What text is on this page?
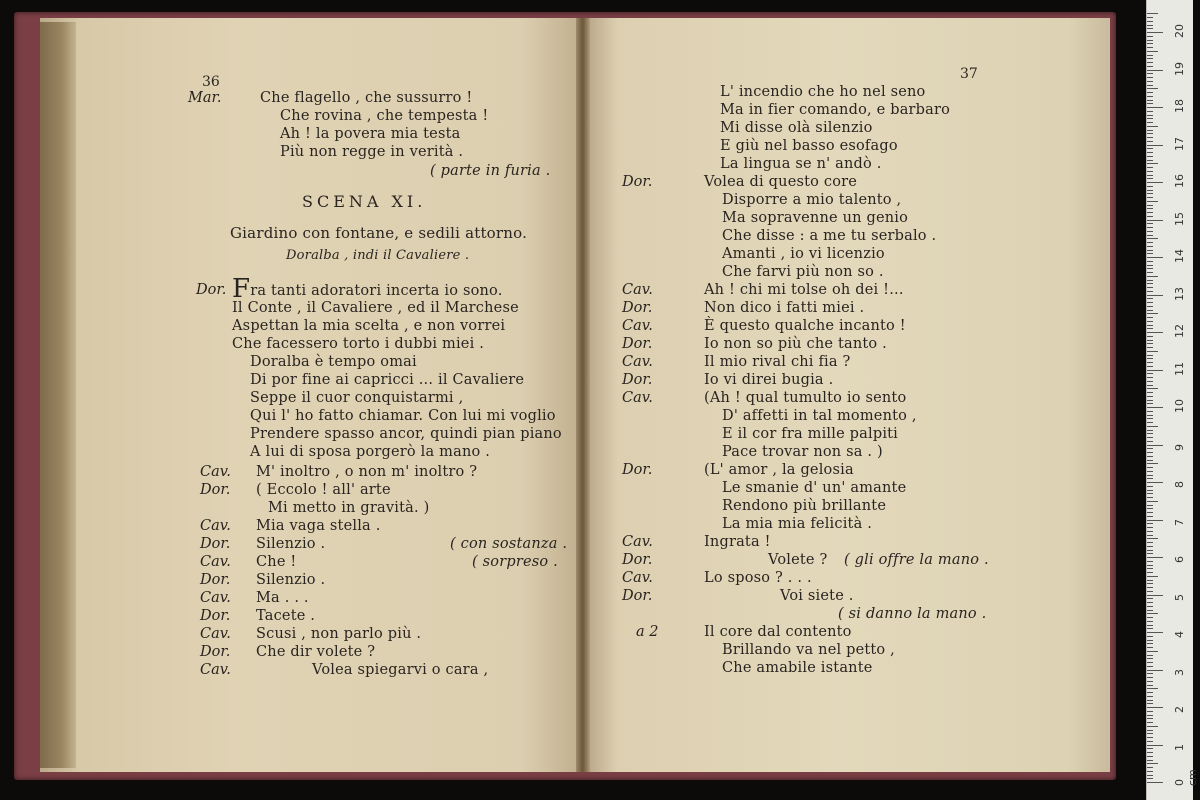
36
Mar.	Che flagello , che sussurro !
Che rovina , che tempesta !
Ah ! la povera mia testa
Più non regge in verità .
( parte in furia .
SCENA XI.
Giardino con fontane, e sedili attorno.
Doralba , indi il Cavaliere .
Dor. Fra tanti adoratori incerta io sono.
Il Conte , il Cavaliere , ed il Marchese
Aspettan la mia scelta , e non vorrei
Che facessero torto i dubbi miei .
Doralba è tempo omai
Di por fine ai capricci ... il Cavaliere
Seppe il cuor conquistarmi ,
Qui l' ho fatto chiamar. Con lui mi voglio
Prendere spasso ancor, quindi pian piano
A lui di sposa porgerò la mano .
Cav. M' inoltro , o non m' inoltro ?
Dor. ( Eccolo ! all' arte
Mi metto in gravità. )
Cav. Mia vaga stella .
Dor. Silenzio .	( con sostanza .
Cav. Che !	( sorpreso .
Dor. Silenzio .
Cav. Ma . . .
Dor. Tacete .
Cav. Scusi , non parlo più .
Dor. Che dir volete ?
Cav.	Volea spiegarvi o cara ,
37
L' incendio che ho nel seno
Ma in fier comando, e barbaro
Mi disse olà silenzio
E giù nel basso esofago
La lingua se n' andò .
Dor.	Volea di questo core
Disporre a mio talento ,
Ma sopravenne un genio
Che disse : a me tu serbalo .
Amanti , io vi licenzio
Che farvi più non so .
Cav.	Ah ! chi mi tolse oh dei !...
Dor.	Non dico i fatti miei .
Cav.	È questo qualche incanto !
Dor.	Io non so più che tanto .
Cav.	Il mio rival chi fia ?
Dor.	Io vi direi bugia .
Cav.	(Ah ! qual tumulto io sento
D' affetti in tal momento ,
E il cor fra mille palpiti
Pace trovar non sa . )
Dor.	(L' amor , la gelosia
Le smanie d' un' amante
Rendono più brillante
La mia mia felicità .
Cav.	Ingrata !
Dor.	Volete ? ( gli offre la mano .
Cav.	Lo sposo ? . . .
Dor.	Voi siete .
( si danno la mano .
a 2	Il core dal contento
Brillando va nel petto ,
Che amabile istante
0 cm
1
2
3
4
5
6
7
8
9
10
11
12
13
14
15
16
17
18
19
20
